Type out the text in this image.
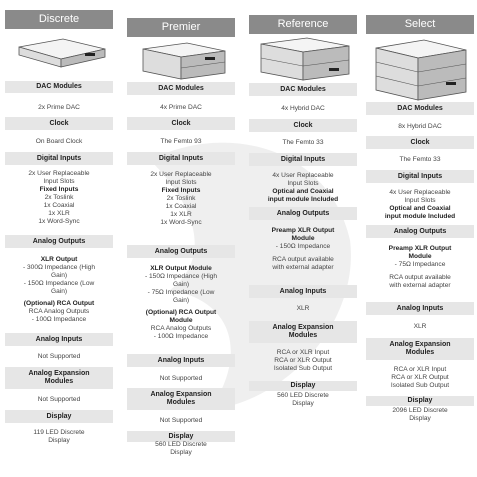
Discrete
DAC Modules
2x Prime DAC
Clock
On Board Clock
Digital Inputs
2x User Replaceable
Input Slots
Fixed Inputs
2x Toslink
1x Coaxial
1x XLR
1x Word-Sync
Analog Outputs
XLR Output
- 300Ω Impedance (High
Gain)
- 150Ω Impedance (Low
Gain)
(Optional) RCA Output
RCA Analog Outputs
- 100Ω Impedance
Analog Inputs
Not Supported
Analog Expansion Modules
Not Supported
Display
119 LED Discrete
Display
Premier
DAC Modules
4x Prime DAC
Clock
The Femto 93
Digital Inputs
2x User Replaceable
Input Slots
Fixed Inputs
2x Toslink
1x Coaxial
1x XLR
1x Word-Sync
Analog Outputs
XLR Output Module
- 150Ω Impedance (High
Gain)
- 75Ω Impedance (Low
Gain)
(Optional) RCA Output
Module
RCA Analog Outputs
- 100Ω Impedance
Analog Inputs
Not Supported
Analog Expansion Modules
Not Supported
Display
560 LED Discrete
Display
Reference
DAC Modules
4x Hybrid DAC
Clock
The Femto 33
Digital Inputs
4x User Replaceable
Input Slots
Optical and Coaxial
input module Included
Analog Outputs
Preamp XLR Output
Module
- 150Ω Impedance
RCA output available
with external adapter
Analog Inputs
XLR
Analog Expansion Modules
RCA or XLR Input
RCA or XLR Output
Isolated Sub Output
Display
560 LED Discrete
Display
Select
DAC Modules
8x Hybrid DAC
Clock
The Femto 33
Digital Inputs
4x User Replaceable
Input Slots
Optical and Coaxial
input module Included
Analog Outputs
Preamp XLR Output
Module
- 75Ω Impedance
RCA output available
with external adapter
Analog Inputs
XLR
Analog Expansion Modules
RCA or XLR Input
RCA or XLR Output
Isolated Sub Output
Display
2096 LED Discrete
Display
